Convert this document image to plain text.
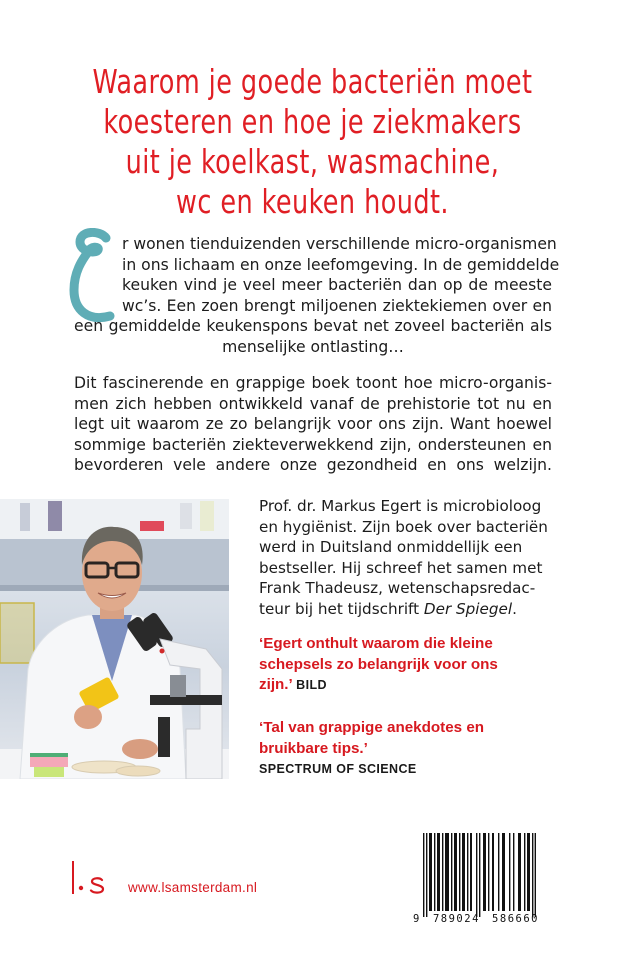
Waarom je goede bacteriën moet
koesteren en hoe je ziekmakers
uit je koelkast, wasmachine,
wc en keuken houdt.
r wonen tienduizenden verschillende micro-organismen
in ons lichaam en onze leefomgeving. In de gemiddelde
keuken vind je veel meer bacteriën dan op de meeste
wc’s. Een zoen brengt miljoenen ziektekiemen over en
een gemiddelde keukenspons bevat net zoveel bacteriën als
menselijke ontlasting…
Dit fascinerende en grappige boek toont hoe micro-organis-
men zich hebben ontwikkeld vanaf de prehistorie tot nu en
legt uit waarom ze zo belangrijk voor ons zijn. Want hoewel
sommige bacteriën ziekteverwekkend zijn, ondersteunen en
bevorderen vele andere onze gezondheid en ons welzijn.
Prof. dr. Markus Egert is microbioloog
en hygiënist. Zijn boek over bacteriën
werd in Duitsland onmiddellijk een
bestseller. Hij schreef het samen met
Frank Thadeusz, wetenschapsredac-
teur bij het tijdschrift Der Spiegel.
‘Egert onthult waarom die kleine
schepsels zo belangrijk voor ons
zijn.’ BILD
‘Tal van grappige anekdotes en
bruikbare tips.’
SPECTRUM OF SCIENCE
www.lsamsterdam.nl
9 789024 586660
